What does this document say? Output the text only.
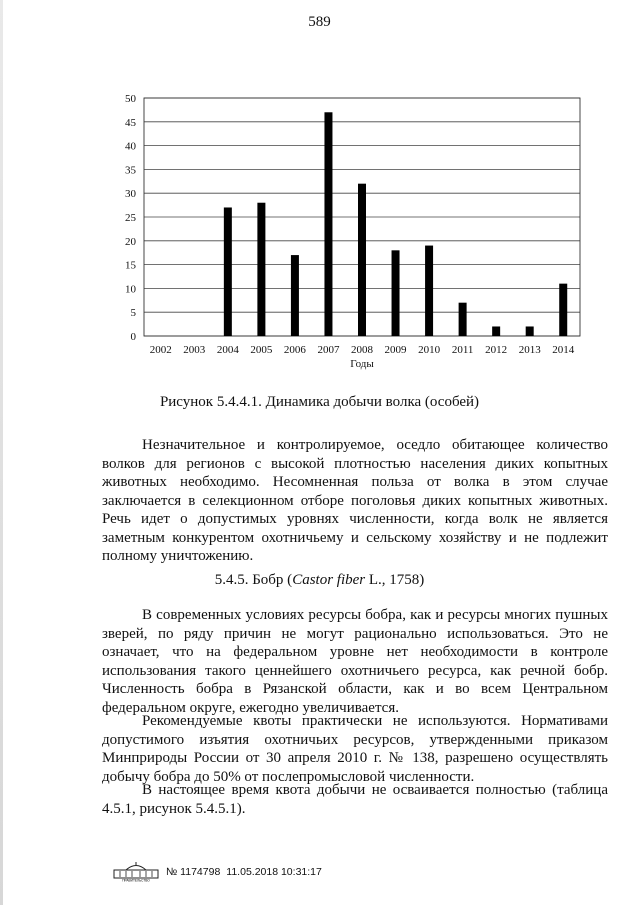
589
0
5
10
15
20
25
30
35
40
45
50
2002 2003 2004 2005 2006 2007 2008 2009 2010 2011 2012 2013 2014
Годы
Рисунок 5.4.4.1. Динамика добычи волка (особей)

Незначительное и контролируемое, оседло обитающее количество волков для регионов с высокой плотностью населения диких копытных животных необходимо. Несомненная польза от волка в этом случае заключается в селекционном отборе поголовья диких копытных животных. Речь идет о допустимых уровнях численности, когда волк не является заметным конкурентом охотничьему и сельскому хозяйству и не подлежит полному уничтожению.

5.4.5. Бобр (Castor fiber L., 1758)

В современных условиях ресурсы бобра, как и ресурсы многих пушных зверей, по ряду причин не могут рационально использоваться. Это не означает, что на федеральном уровне нет необходимости в контроле использования такого ценнейшего охотничьего ресурса, как речной бобр. Численность бобра в Рязанской области, как и во всем Центральном федеральном округе, ежегодно увеличивается.

Рекомендуемые квоты практически не используются. Нормативами допустимого изъятия охотничьих ресурсов, утвержденными приказом Минприроды России от 30 апреля 2010 г. № 138, разрешено осуществлять добычу бобра до 50% от послепромысловой численности.

В настоящее время квота добычи не осваивается полностью (таблица 4.5.1, рисунок 5.4.5.1).

ПРАВИТЕЛЬСТВО
№ 1174798 11.05.2018 10:31:17
